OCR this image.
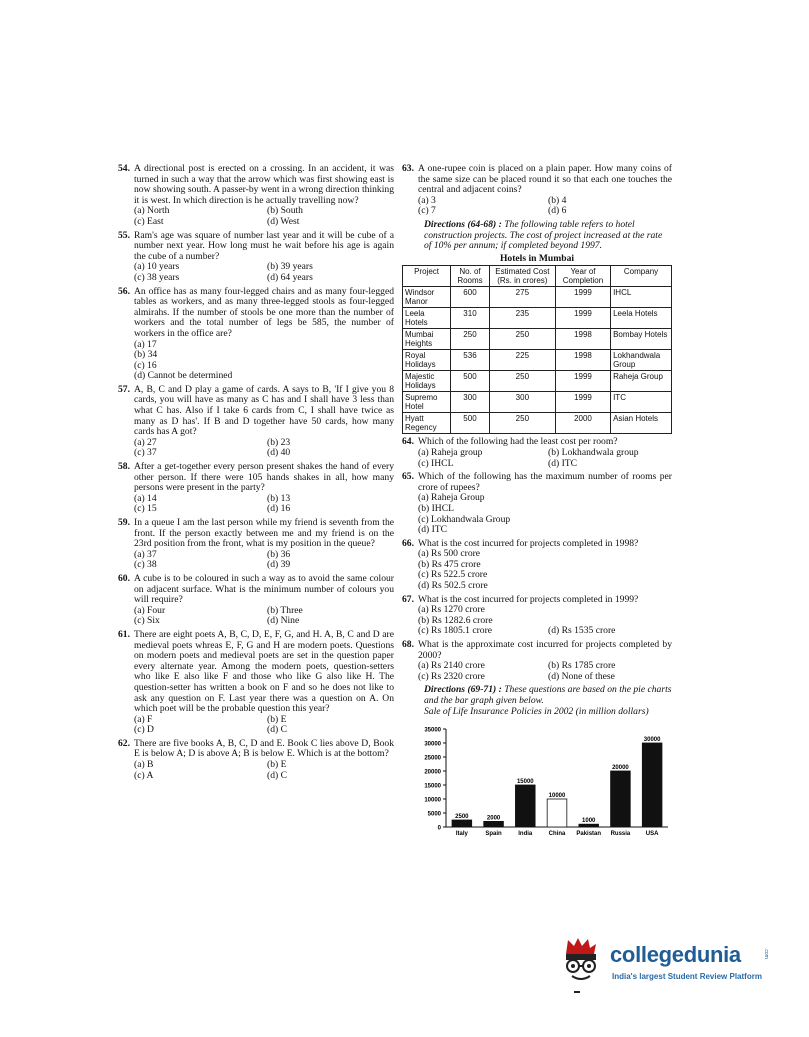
54. A directional post is erected on a crossing. In an accident, it was turned in such a way that the arrow which was first showing east is now showing south. A passer-by went in a wrong direction thinking it is west. In which direction is he actually travelling now?
(a) North	(b) South
(c) East	(d) West
55. Ram's age was square of number last year and it will be cube of a number next year. How long must he wait before his age is again the cube of a number?
(a) 10 years	(b) 39 years
(c) 38 years	(d) 64 years
56. An office has as many four-legged chairs and as many four-legged tables as workers, and as many three-legged stools as four-legged almirahs. If the number of stools be one more than the number of workers and the total number of legs be 585, the number of workers in the office are?
(a) 17
(b) 34
(c) 16
(d) Cannot be determined
57. A, B, C and D play a game of cards. A says to B, 'If I give you 8 cards, you will have as many as C has and I shall have 3 less than what C has. Also if I take 6 cards from C, I shall have twice as many as D has'. If B and D together have 50 cards, how many cards has A got?
(a) 27	(b) 23
(c) 37	(d) 40
58. After a get-together every person present shakes the hand of every other person. If there were 105 hands shakes in all, how many persons were present in the party?
(a) 14	(b) 13
(c) 15	(d) 16
59. In a queue I am the last person while my friend is seventh from the front. If the person exactly between me and my friend is on the 23rd position from the front, what is my position in the queue?
(a) 37	(b) 36
(c) 38	(d) 39
60. A cube is to be coloured in such a way as to avoid the same colour on adjacent surface. What is the minimum number of colours you will require?
(a) Four	(b) Three
(c) Six	(d) Nine
61. There are eight poets A, B, C, D, E, F, G, and H. A, B, C and D are medieval poets whreas E, F, G and H are modern poets. Questions on modern poets and medieval poets are set in the question paper every alternate year. Among the modern poets, question-setters who like E also like F and those who like G also like H. The question-setter has written a book on F and so he does not like to ask any question on F. Last year there was a question on A. On which poet will be the probable question this year?
(a) F	(b) E
(c) D	(d) C
62. There are five books A, B, C, D and E. Book C lies above D, Book E is below A; D is above A; B is below E. Which is at the bottom?
(a) B	(b) E
(c) A	(d) C
63. A one-rupee coin is placed on a plain paper. How many coins of the same size can be placed round it so that each one touches the central and adjacent coins?
(a) 3	(b) 4
(c) 7	(d) 6
Directions (64-68) : The following table refers to hotel construction projects. The cost of project increased at the rate of 10% per annum; if completed beyond 1997.
Hotels in Mumbai
Project	No. of Rooms	Estimated Cost (Rs. in crores)	Year of Completion	Company
Windsor Manor	600	275	1999	IHCL
Leela Hotels	310	235	1999	Leela Hotels
Mumbai Heights	250	250	1998	Bombay Hotels
Royal Holidays	536	225	1998	Lokhandwala Group
Majestic Holidays	500	250	1999	Raheja Group
Supremo Hotel	300	300	1999	ITC
Hyatt Regency	500	250	2000	Asian Hotels
64. Which of the following had the least cost per room?
(a) Raheja group	(b) Lokhandwala group
(c) IHCL	(d) ITC
65. Which of the following has the maximum number of rooms per crore of rupees?
(a) Raheja Group
(b) IHCL
(c) Lokhandwala Group
(d) ITC
66. What is the cost incurred for projects completed in 1998?
(a) Rs 500 crore
(b) Rs 475 crore
(c) Rs 522.5 crore
(d) Rs 502.5 crore
67. What is the cost incurred for projects completed in 1999?
(a) Rs 1270 crore
(b) Rs 1282.6 crore
(c) Rs 1805.1 crore	(d) Rs 1535 crore
68. What is the approximate cost incurred for projects completed by 2000?
(a) Rs 2140 crore	(b) Rs 1785 crore
(c) Rs 2320 crore	(d) None of these
Directions (69-71) : These questions are based on the pie charts and the bar graph given below.
Sale of Life Insurance Policies in 2002 (in million dollars)
0
5000
10000
15000
20000
25000
30000
35000
2500
Italy
2000
Spain
15000
India
10000
China
1000
Pakistan
20000
Russia
30000
USA
collegedunia	.com
India's largest Student Review Platform
